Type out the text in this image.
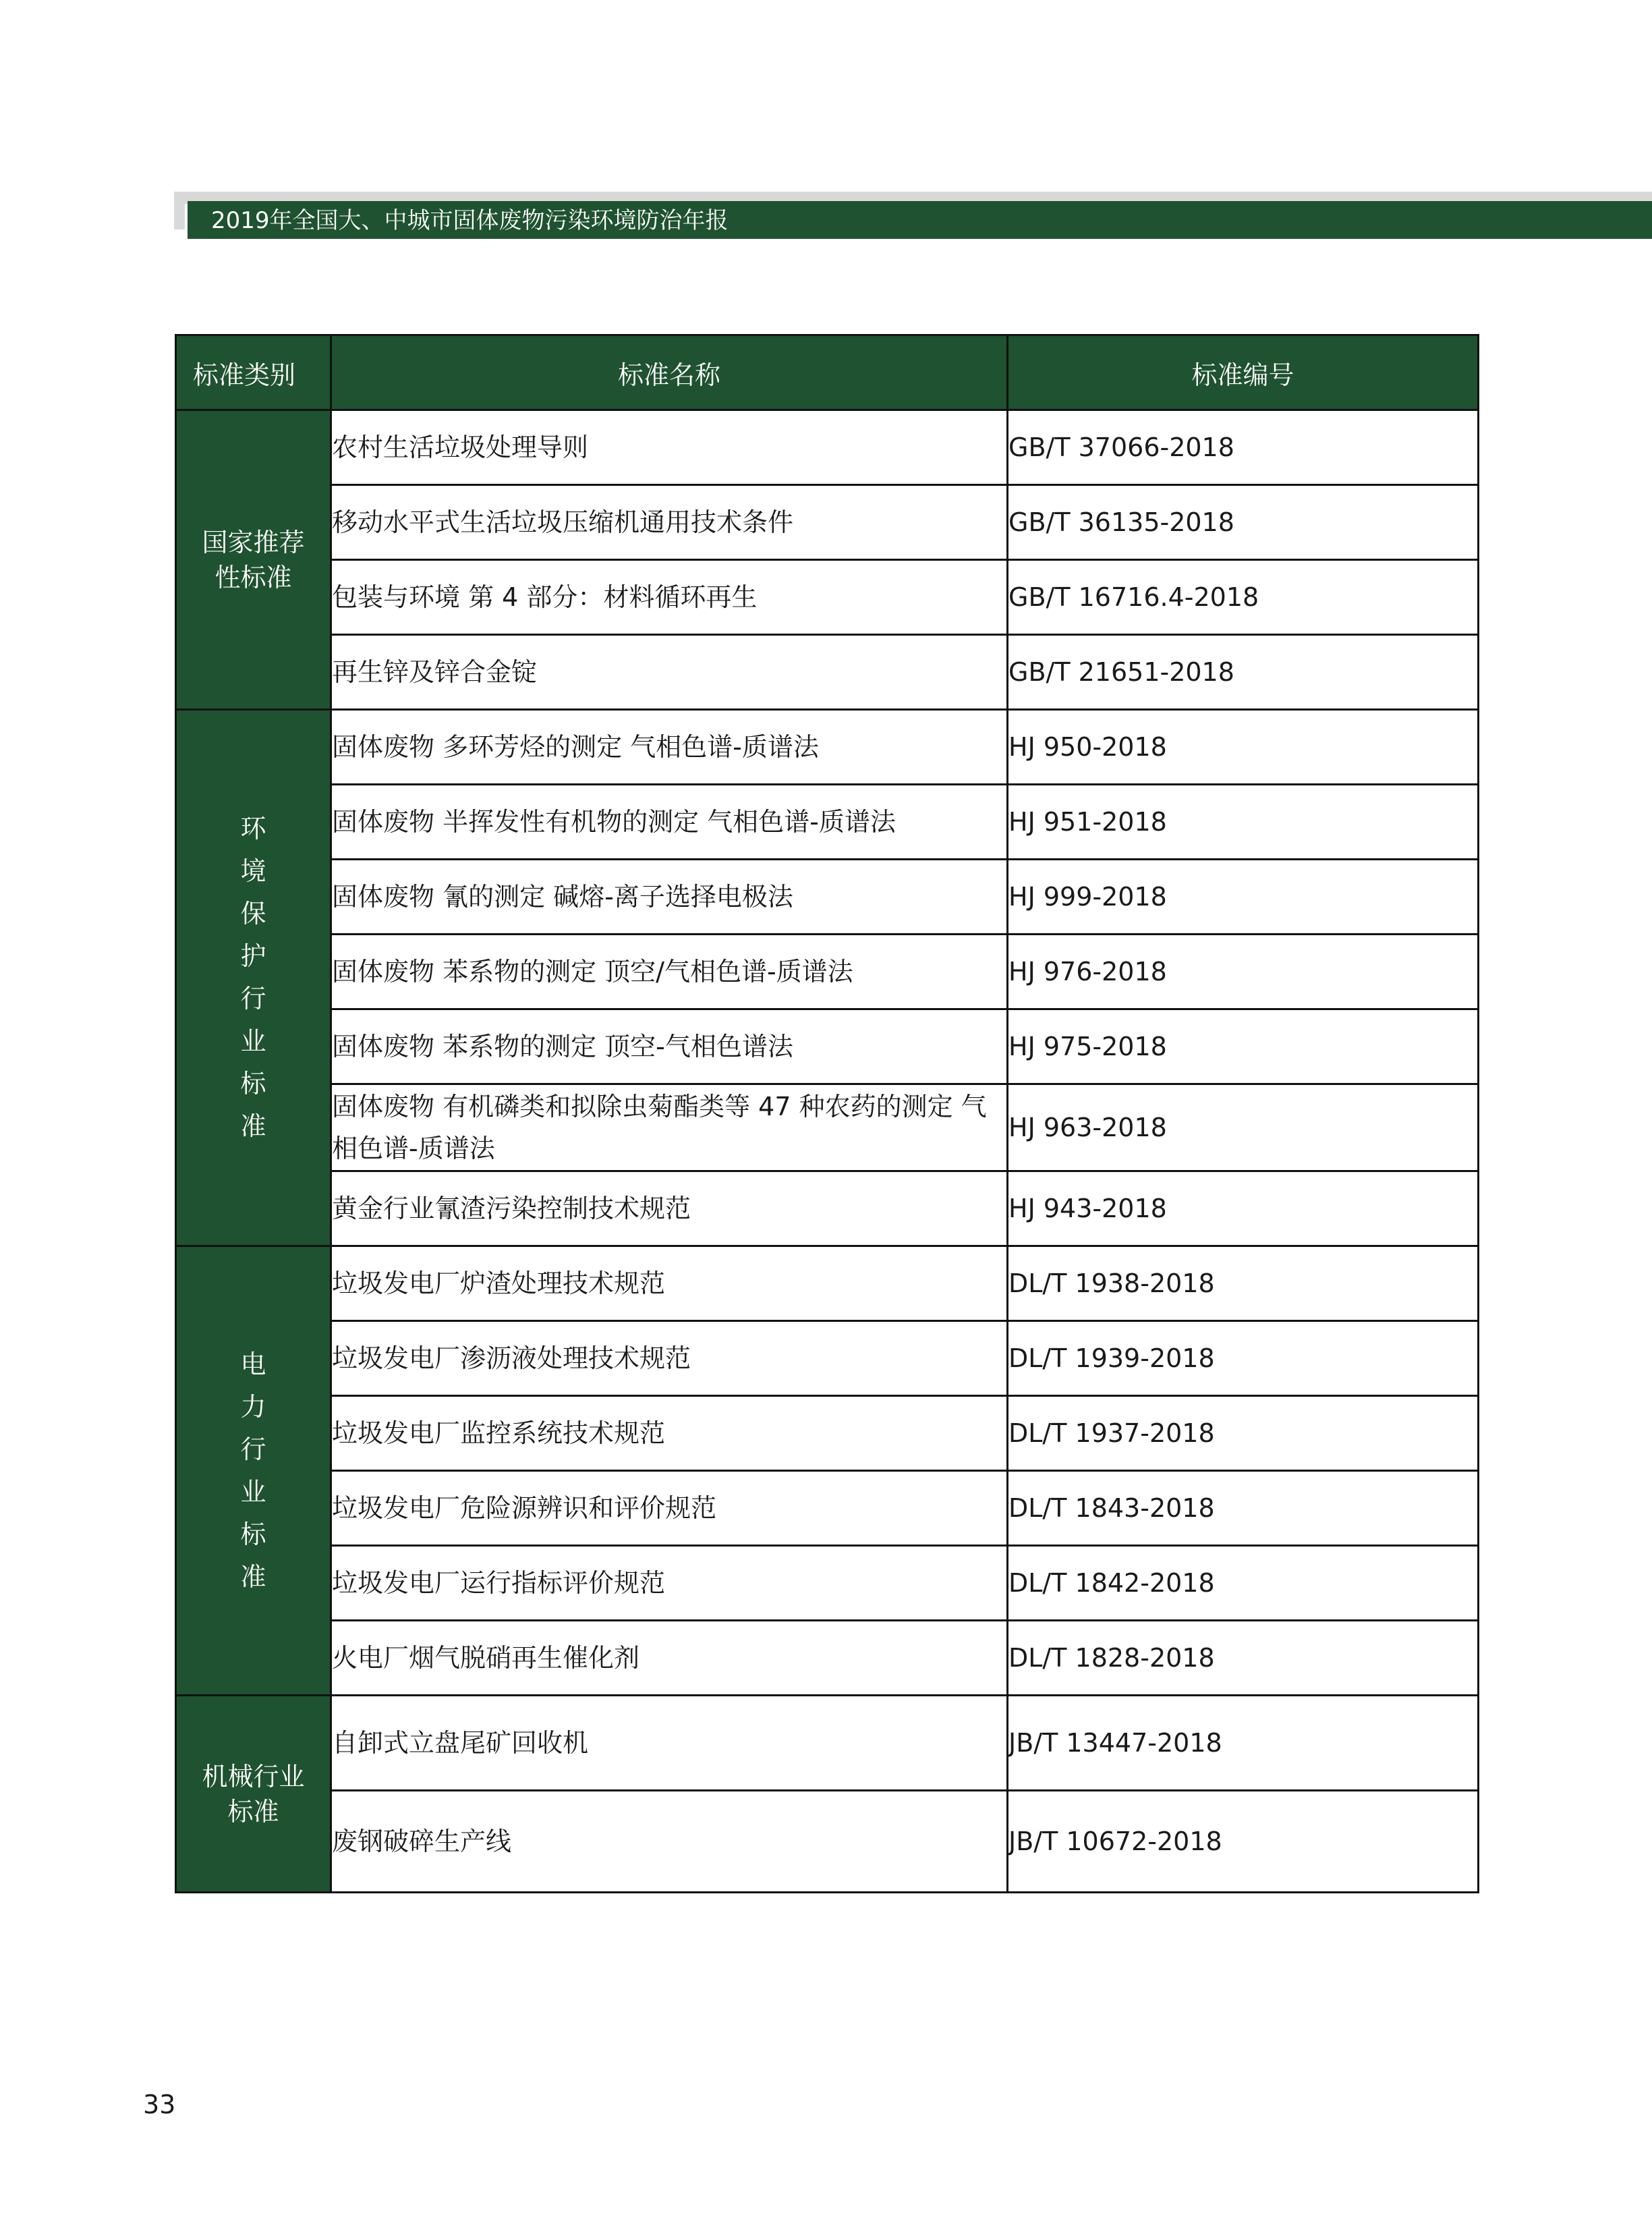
2019年全国大、中城市固体废物污染环境防治年报
标准类别	标准名称	标准编号
国家推荐性标准	农村生活垃圾处理导则	GB/T 37066-2018
	移动水平式生活垃圾压缩机通用技术条件	GB/T 36135-2018
	包装与环境 第 4 部分：材料循环再生	GB/T 16716.4-2018
	再生锌及锌合金锭	GB/T 21651-2018
环境保护行业标准	固体废物 多环芳烃的测定 气相色谱-质谱法	HJ 950-2018
	固体废物 半挥发性有机物的测定 气相色谱-质谱法	HJ 951-2018
	固体废物 氰的测定 碱熔-离子选择电极法	HJ 999-2018
	固体废物 苯系物的测定 顶空/气相色谱-质谱法	HJ 976-2018
	固体废物 苯系物的测定 顶空-气相色谱法	HJ 975-2018
	固体废物 有机磷类和拟除虫菊酯类等 47 种农药的测定 气相色谱-质谱法	HJ 963-2018
	黄金行业氰渣污染控制技术规范	HJ 943-2018
电力行业标准	垃圾发电厂炉渣处理技术规范	DL/T 1938-2018
	垃圾发电厂渗沥液处理技术规范	DL/T 1939-2018
	垃圾发电厂监控系统技术规范	DL/T 1937-2018
	垃圾发电厂危险源辨识和评价规范	DL/T 1843-2018
	垃圾发电厂运行指标评价规范	DL/T 1842-2018
	火电厂烟气脱硝再生催化剂	DL/T 1828-2018
机械行业标准	自卸式立盘尾矿回收机	JB/T 13447-2018
	废钢破碎生产线	JB/T 10672-2018
33
